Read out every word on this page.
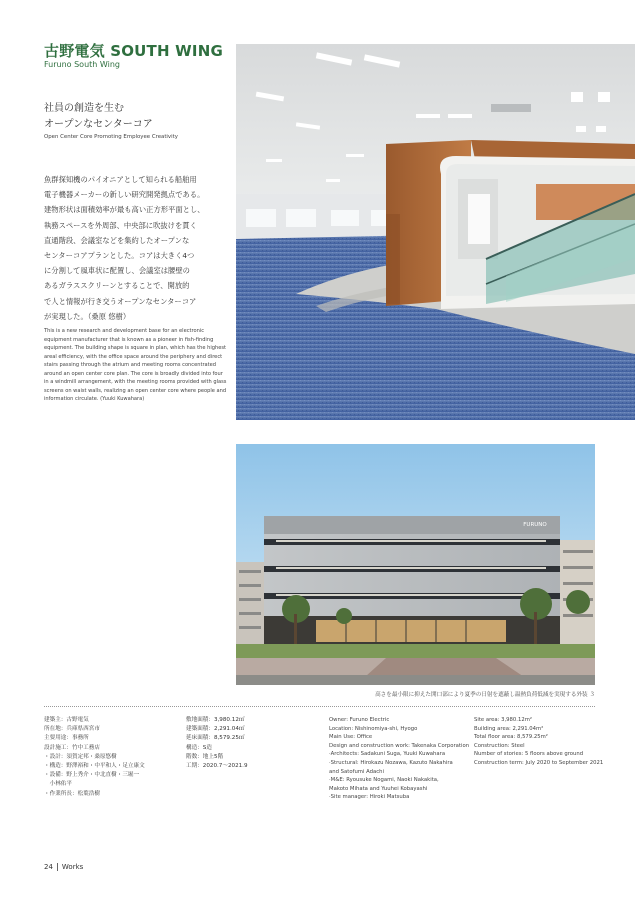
古野電気 SOUTH WING
Furuno South Wing
社員の創造を生む
オープンなセンターコア
Open Center Core Promoting Employee Creativity
魚群探知機のパイオニアとして知られる船舶用
電子機器メーカーの新しい研究開発拠点である。
建物形状は面積効率が最も高い正方形平面とし、
執務スペースを外周部、中央部に吹抜けを貫く
直通階段、会議室などを集約したオープンな
センターコアプランとした。コアは大きく4つ
に分割して風車状に配置し、会議室は腰壁の
あるガラススクリーンとすることで、開放的
で人と情報が行き交うオープンなセンターコア
が実現した。（桑原 悠樹）
This is a new research and development base for an electronic
equipment manufacturer that is known as a pioneer in fish-finding
equipment. The building shape is square in plan, which has the highest
areal efficiency, with the office space around the periphery and direct
stairs passing through the atrium and meeting rooms concentrated
around an open center core plan. The core is broadly divided into four
in a windmill arrangement, with the meeting rooms provided with glass
screens on waist walls, realizing an open center core where people and
information circulate. (Yuuki Kuwahara)
FURUNO
高さを最小限に抑えた開口部により夏季の日射を遮蔽し温熱負荷低減を実現する外装 ３
建築主：古野電気
所在地：兵庫県西宮市
主要用途：事務所
設計施工：竹中工務店
・設計：須賀定邦・桑原悠樹
・構造：野澤裕和・中平和人・足立康文
・設備：野上秀介・中北直樹・三堀一
　小林佑平
・作業所長：松葉浩樹
敷地面積：3,980.12㎡
建築面積：2,291.04㎡
延床面積：8,579.25㎡
構造：S造
階数：地上5階
工期：2020.7〜2021.9
Owner: Furuno Electric
Location: Nishinomiya-shi, Hyogo
Main Use: Office
Design and construction work: Takenaka Corporation
·Architects: Sadakuni Suga, Yuuki Kuwahara
·Structural: Hirokazu Nozawa, Kazuto Nakahira
and Satofumi Adachi
·M&E: Ryousuke Nogami, Naoki Nakakita,
Makoto Mihata and Yuuhei Kobayashi
·Site manager: Hiroki Matsuba
Site area: 3,980.12m²
Building area: 2,291.04m²
Total floor area: 8,579.25m²
Construction: Steel
Number of stories: 5 floors above ground
Construction term: July 2020 to September 2021
24 Works
